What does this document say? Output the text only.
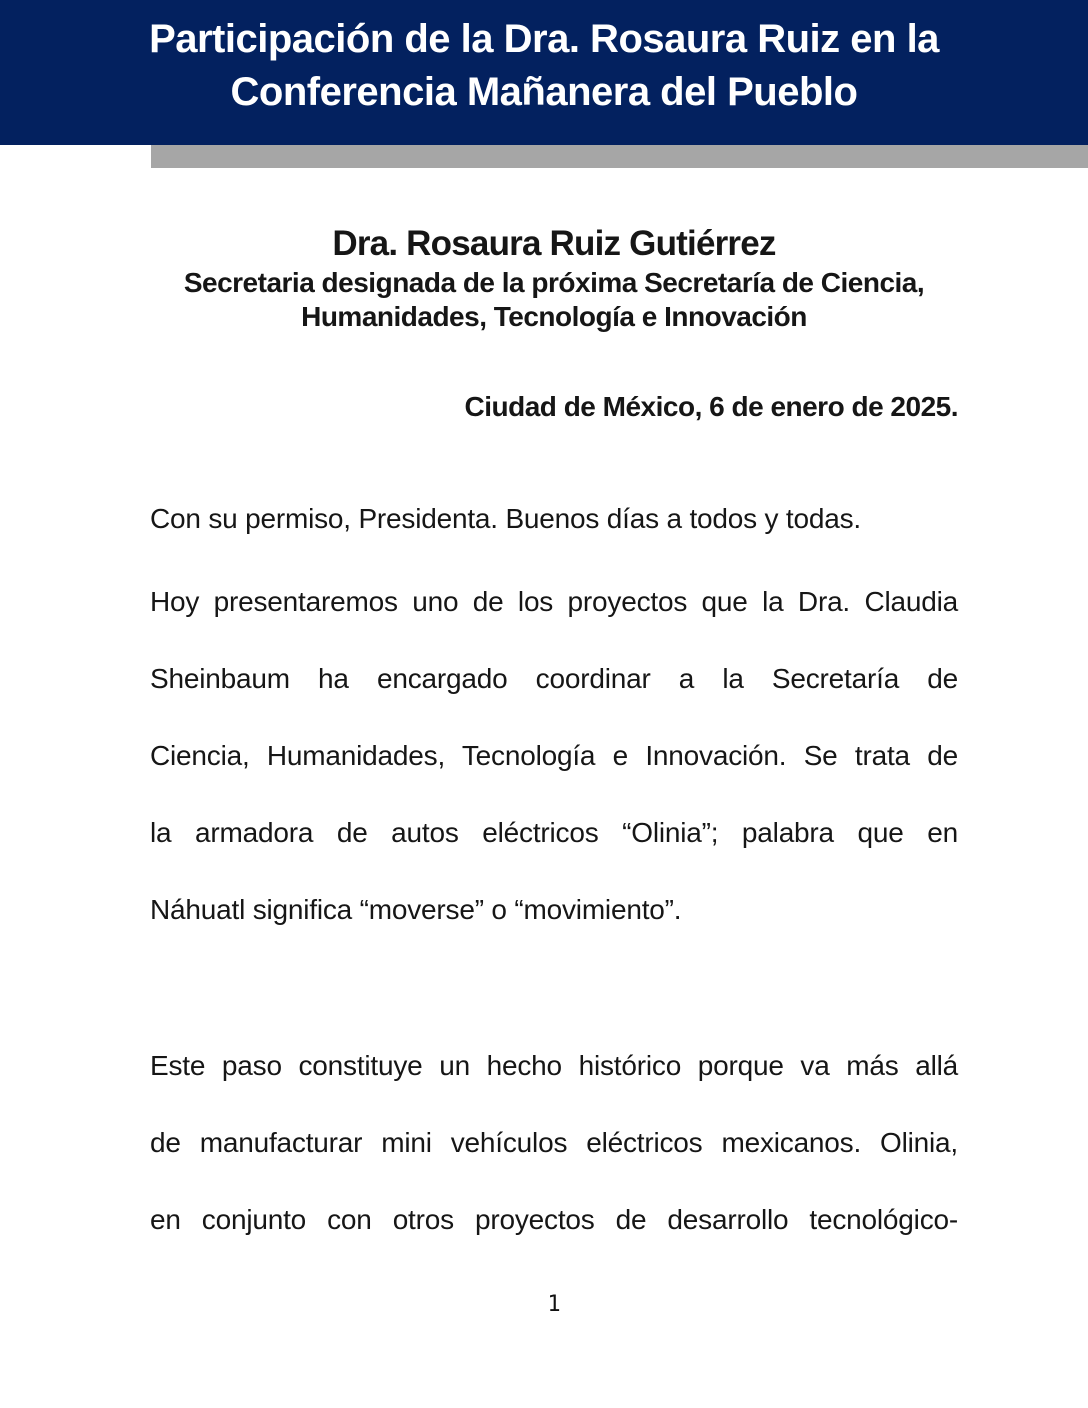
Participación de la Dra. Rosaura Ruiz en la
Conferencia Mañanera del Pueblo
Dra. Rosaura Ruiz Gutiérrez
Secretaria designada de la próxima Secretaría de Ciencia,
Humanidades, Tecnología e Innovación
Ciudad de México, 6 de enero de 2025.
Con su permiso, Presidenta. Buenos días a todos y todas.
Hoy presentaremos uno de los proyectos que la Dra. Claudia
Sheinbaum ha encargado coordinar a la Secretaría de
Ciencia, Humanidades, Tecnología e Innovación. Se trata de
la armadora de autos eléctricos “Olinia”; palabra que en
Náhuatl significa “moverse” o “movimiento”.
Este paso constituye un hecho histórico porque va más allá
de manufacturar mini vehículos eléctricos mexicanos. Olinia,
en conjunto con otros proyectos de desarrollo tecnológico-
1
